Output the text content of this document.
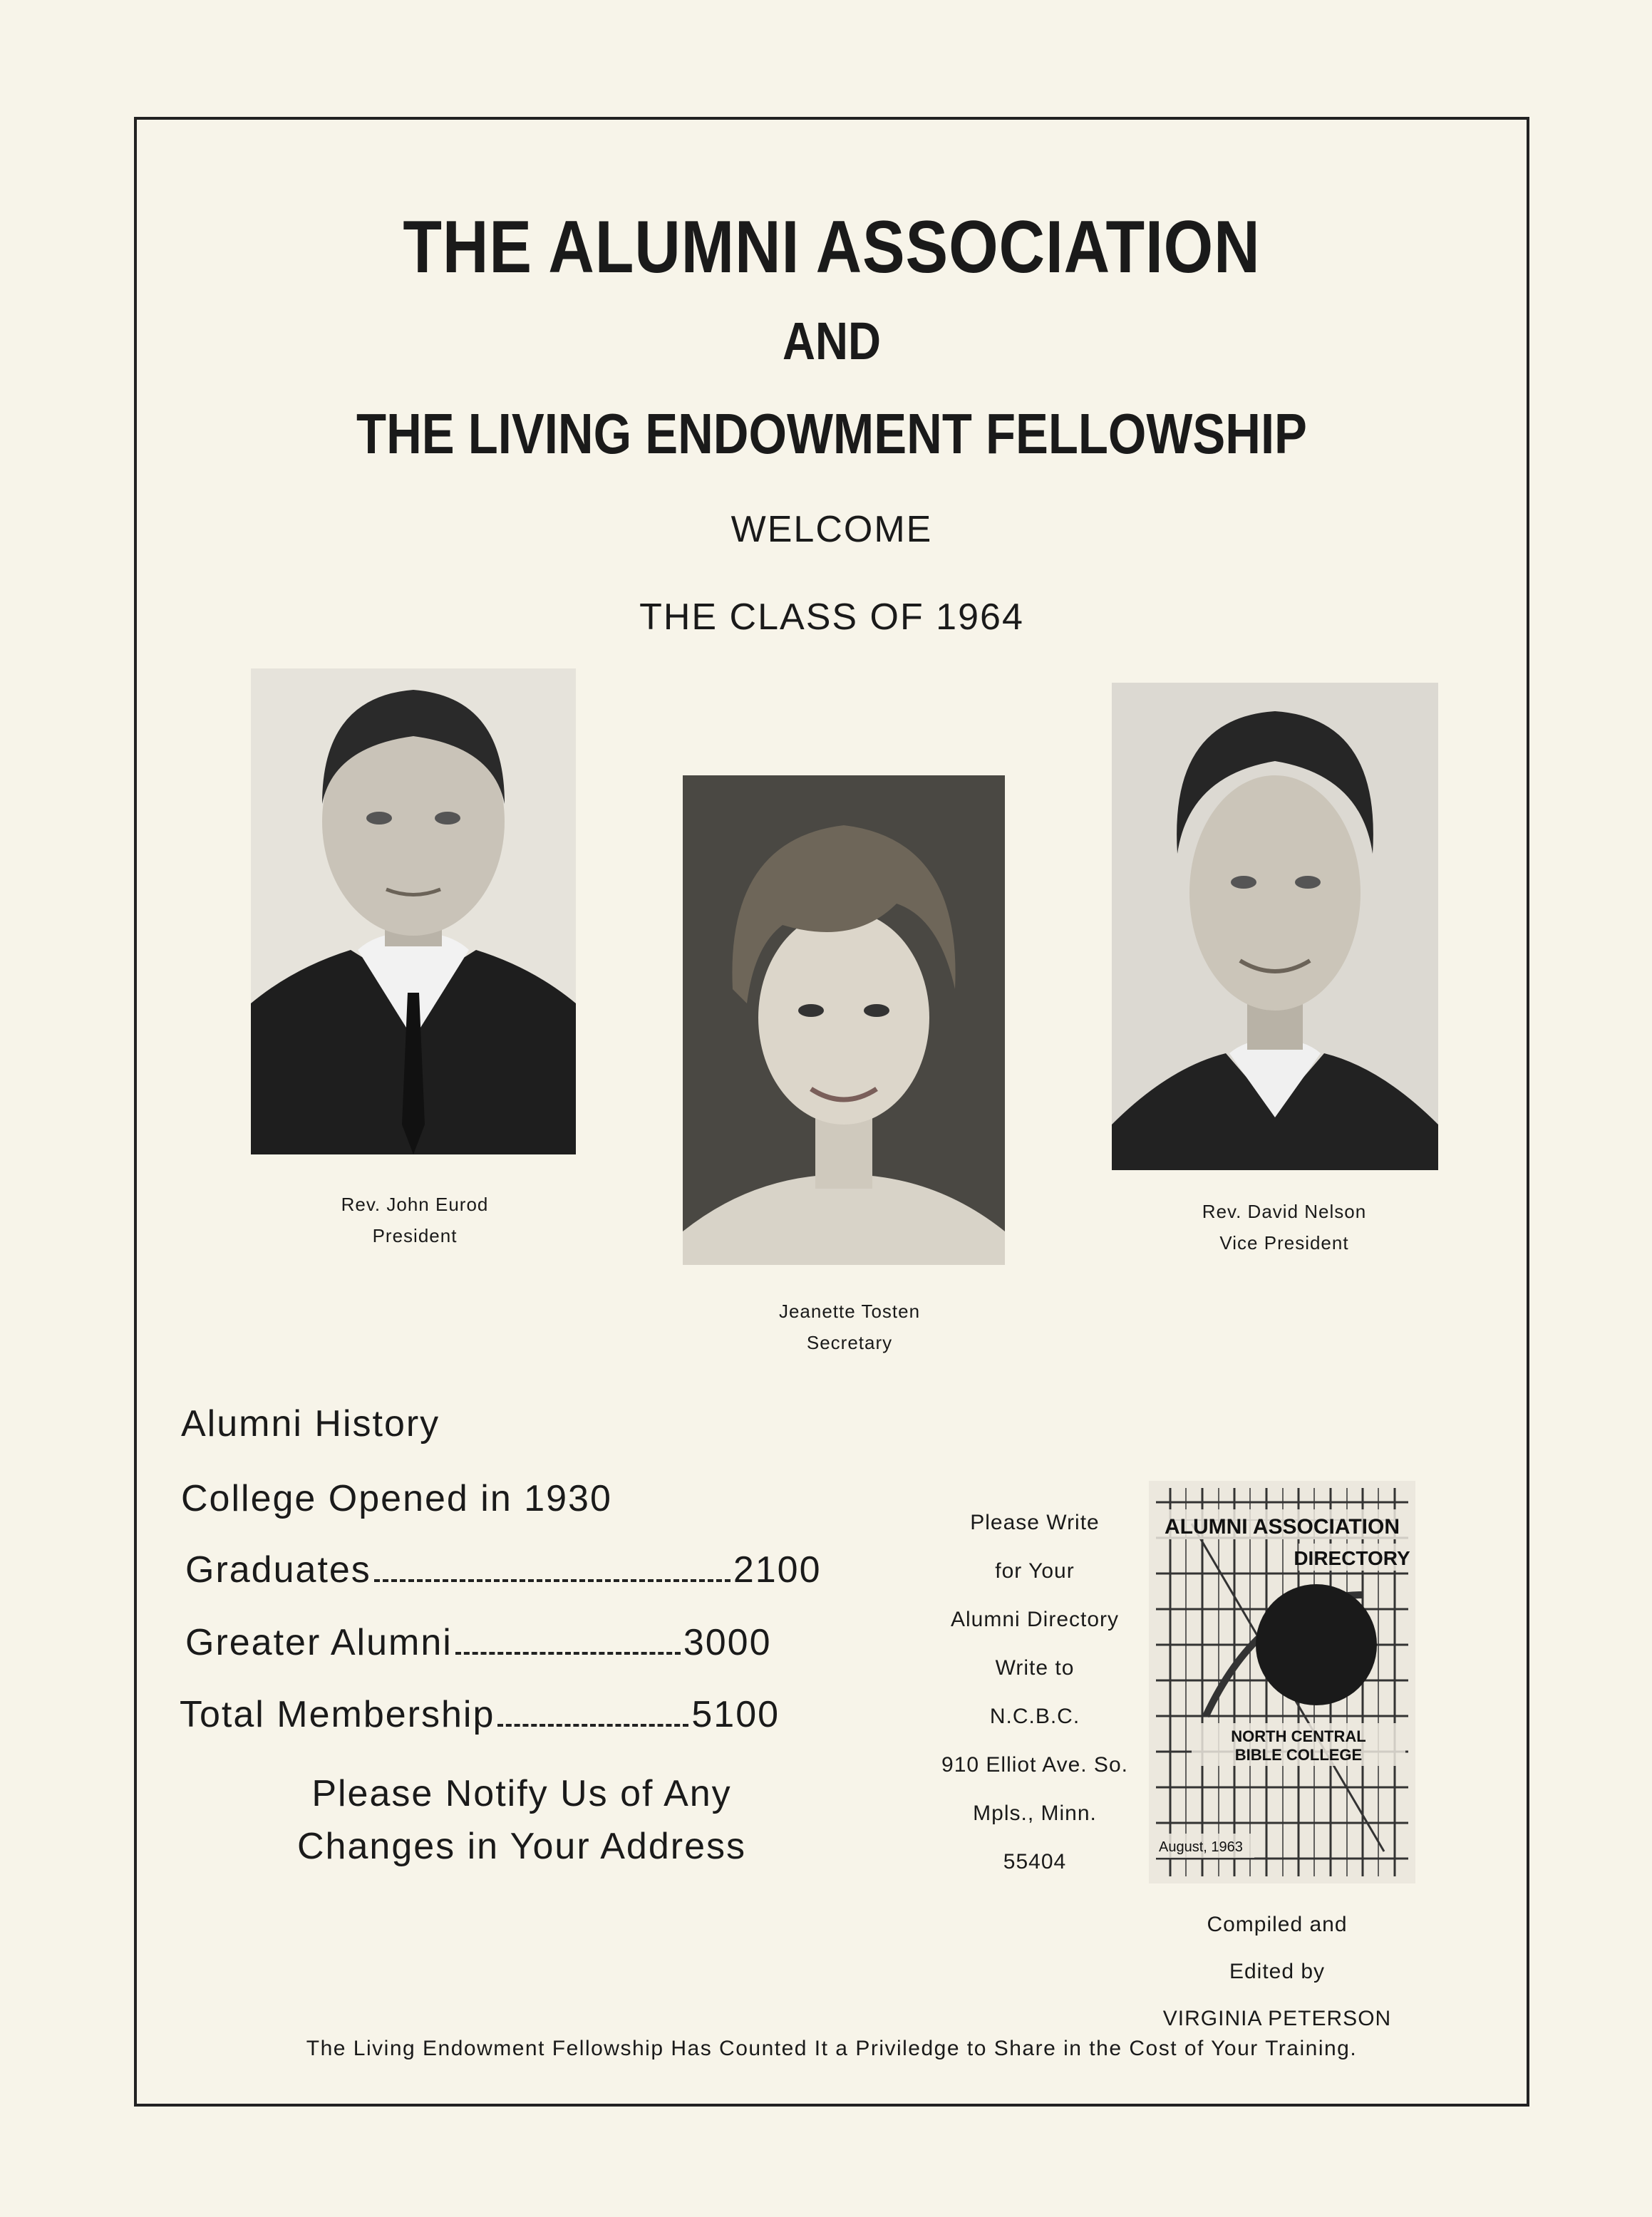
THE ALUMNI ASSOCIATION
AND
THE LIVING ENDOWMENT FELLOWSHIP
WELCOME
THE CLASS OF 1964
Rev. John Eurod
President
Jeanette Tosten
Secretary
Rev. David Nelson
Vice President
Alumni History
College Opened in 1930
Graduates	2100
Greater Alumni	3000
Total Membership	5100
Please Notify Us of Any
Changes in Your Address
Please Write
for Your
Alumni Directory
Write to
N.C.B.C.
910 Elliot Ave. So.
Mpls., Minn.
55404
ALUMNI ASSOCIATION
DIRECTORY
NORTH CENTRAL
BIBLE COLLEGE
August, 1963
Compiled and
Edited by
VIRGINIA PETERSON
The Living Endowment Fellowship Has Counted It a Priviledge to Share in the Cost of Your Training.
